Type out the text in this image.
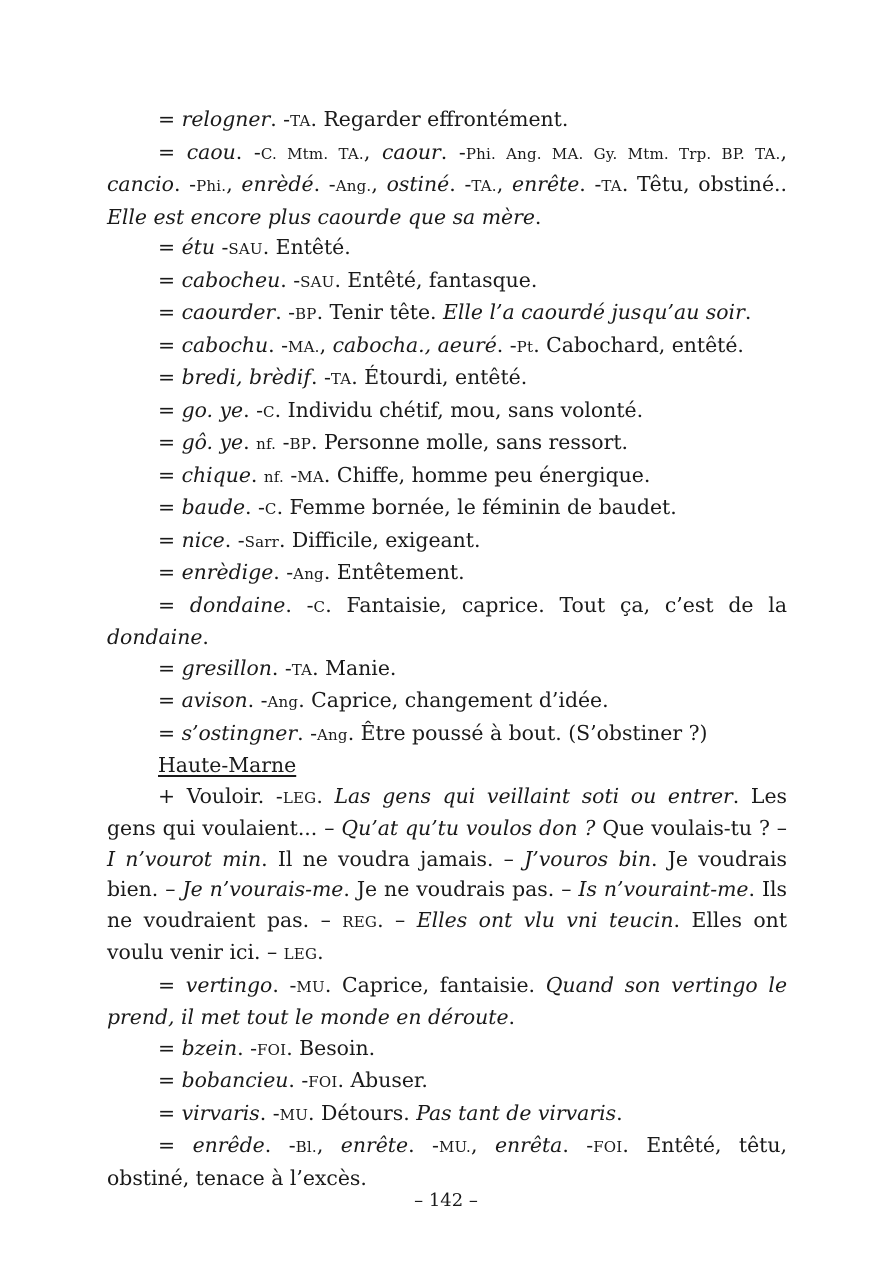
= relogner. -TA. Regarder effrontément.

= caou. -C. Mtm. TA., caour. -Phi. Ang. MA. Gy. Mtm. Trp. BP. TA., cancio. -Phi., enrèdé. -Ang., ostiné. -TA., enrête. -TA. Têtu, obstiné.. Elle est encore plus caourde que sa mère.

= étu -SAU. Entêté.

= cabocheu. -SAU. Entêté, fantasque.

= caourder. -BP. Tenir tête. Elle l’a caourdé jusqu’au soir.

= cabochu. -MA., cabocha., aeuré. -Pt. Cabochard, entêté.

= bredi, brèdif. -TA. Étourdi, entêté.

= go. ye. -C. Individu chétif, mou, sans volonté.

= gô. ye. nf. -BP. Personne molle, sans ressort.

= chique. nf. -MA. Chiffe, homme peu énergique.

= baude. -C. Femme bornée, le féminin de baudet.

= nice. -Sarr. Difficile, exigeant.

= enrèdige. -Ang. Entêtement.

= dondaine. -C. Fantaisie, caprice. Tout ça, c’est de la dondaine.

= gresillon. -TA. Manie.

= avison. -Ang. Caprice, changement d’idée.

= s’ostingner. -Ang. Être poussé à bout. (S’obstiner ?)

Haute-Marne

+ Vouloir. -LEG. Las gens qui veillaint soti ou entrer. Les gens qui voulaient... – Qu’at qu’tu voulos don ? Que voulais-tu ? – I n’vourot min. Il ne voudra jamais. – J’vouros bin. Je voudrais bien. – Je n’vourais-me. Je ne voudrais pas. – Is n’vouraint-me. Ils ne voudraient pas. – REG. – Elles ont vlu vni teucin. Elles ont voulu venir ici. – LEG.

= vertingo. -MU. Caprice, fantaisie. Quand son vertingo le prend, il met tout le monde en déroute.

= bzein. -FOI. Besoin.

= bobancieu. -FOI. Abuser.

= virvaris. -MU. Détours. Pas tant de virvaris.

= enrêde. -Bl., enrête. -MU., enrêta. -FOI. Entêté, têtu, obstiné, tenace à l’excès.

– 142 –
